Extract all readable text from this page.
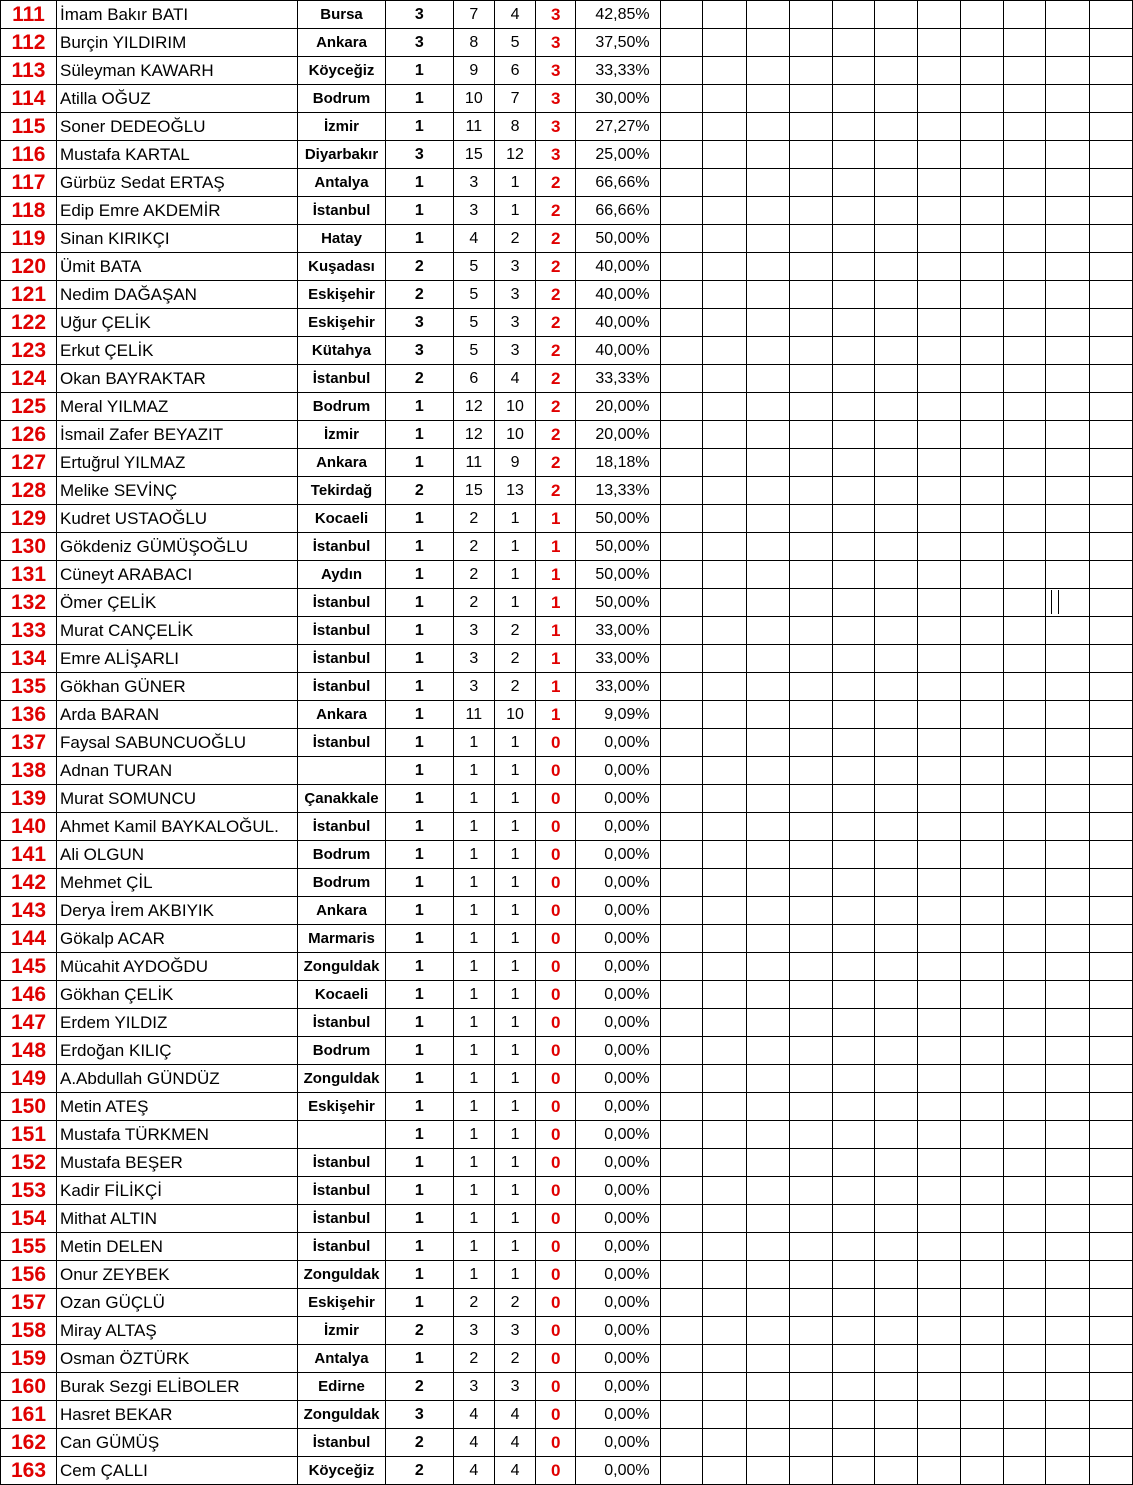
111	İmam Bakır BATI	Bursa	3	7	4	3	42,85%											
112	Burçin YILDIRIM	Ankara	3	8	5	3	37,50%											
113	Süleyman KAWARH	Köyceğiz	1	9	6	3	33,33%											
114	Atilla OĞUZ	Bodrum	1	10	7	3	30,00%											
115	Soner DEDEOĞLU	İzmir	1	11	8	3	27,27%											
116	Mustafa KARTAL	Diyarbakır	3	15	12	3	25,00%											
117	Gürbüz Sedat ERTAŞ	Antalya	1	3	1	2	66,66%											
118	Edip Emre AKDEMİR	İstanbul	1	3	1	2	66,66%											
119	Sinan KIRIKÇI	Hatay	1	4	2	2	50,00%											
120	Ümit BATA	Kuşadası	2	5	3	2	40,00%											
121	Nedim DAĞAŞAN	Eskişehir	2	5	3	2	40,00%											
122	Uğur ÇELİK	Eskişehir	3	5	3	2	40,00%											
123	Erkut ÇELİK	Kütahya	3	5	3	2	40,00%											
124	Okan BAYRAKTAR	İstanbul	2	6	4	2	33,33%											
125	Meral YILMAZ	Bodrum	1	12	10	2	20,00%											
126	İsmail Zafer BEYAZIT	İzmir	1	12	10	2	20,00%											
127	Ertuğrul YILMAZ	Ankara	1	11	9	2	18,18%											
128	Melike SEVİNÇ	Tekirdağ	2	15	13	2	13,33%											
129	Kudret USTAOĞLU	Kocaeli	1	2	1	1	50,00%											
130	Gökdeniz GÜMÜŞOĞLU	İstanbul	1	2	1	1	50,00%											
131	Cüneyt ARABACI	Aydın	1	2	1	1	50,00%											
132	Ömer ÇELİK	İstanbul	1	2	1	1	50,00%											
133	Murat CANÇELİK	İstanbul	1	3	2	1	33,00%											
134	Emre ALİŞARLI	İstanbul	1	3	2	1	33,00%											
135	Gökhan GÜNER	İstanbul	1	3	2	1	33,00%											
136	Arda BARAN	Ankara	1	11	10	1	9,09%											
137	Faysal SABUNCUOĞLU	İstanbul	1	1	1	0	0,00%											
138	Adnan TURAN		1	1	1	0	0,00%											
139	Murat SOMUNCU	Çanakkale	1	1	1	0	0,00%											
140	Ahmet Kamil BAYKALOĞUL.	İstanbul	1	1	1	0	0,00%											
141	Ali OLGUN	Bodrum	1	1	1	0	0,00%											
142	Mehmet ÇİL	Bodrum	1	1	1	0	0,00%											
143	Derya İrem AKBIYIK	Ankara	1	1	1	0	0,00%											
144	Gökalp ACAR	Marmaris	1	1	1	0	0,00%											
145	Mücahit AYDOĞDU	Zonguldak	1	1	1	0	0,00%											
146	Gökhan ÇELİK	Kocaeli	1	1	1	0	0,00%											
147	Erdem YILDIZ	İstanbul	1	1	1	0	0,00%											
148	Erdoğan KILIÇ	Bodrum	1	1	1	0	0,00%											
149	A.Abdullah GÜNDÜZ	Zonguldak	1	1	1	0	0,00%											
150	Metin ATEŞ	Eskişehir	1	1	1	0	0,00%											
151	Mustafa TÜRKMEN		1	1	1	0	0,00%											
152	Mustafa BEŞER	İstanbul	1	1	1	0	0,00%											
153	Kadir FİLİKÇİ	İstanbul	1	1	1	0	0,00%											
154	Mithat ALTIN	İstanbul	1	1	1	0	0,00%											
155	Metin DELEN	İstanbul	1	1	1	0	0,00%											
156	Onur ZEYBEK	Zonguldak	1	1	1	0	0,00%											
157	Ozan GÜÇLÜ	Eskişehir	1	2	2	0	0,00%											
158	Miray ALTAŞ	İzmir	2	3	3	0	0,00%											
159	Osman ÖZTÜRK	Antalya	1	2	2	0	0,00%											
160	Burak Sezgi ELİBOLER	Edirne	2	3	3	0	0,00%											
161	Hasret BEKAR	Zonguldak	3	4	4	0	0,00%											
162	Can GÜMÜŞ	İstanbul	2	4	4	0	0,00%											
163	Cem ÇALLI	Köyceğiz	2	4	4	0	0,00%											
